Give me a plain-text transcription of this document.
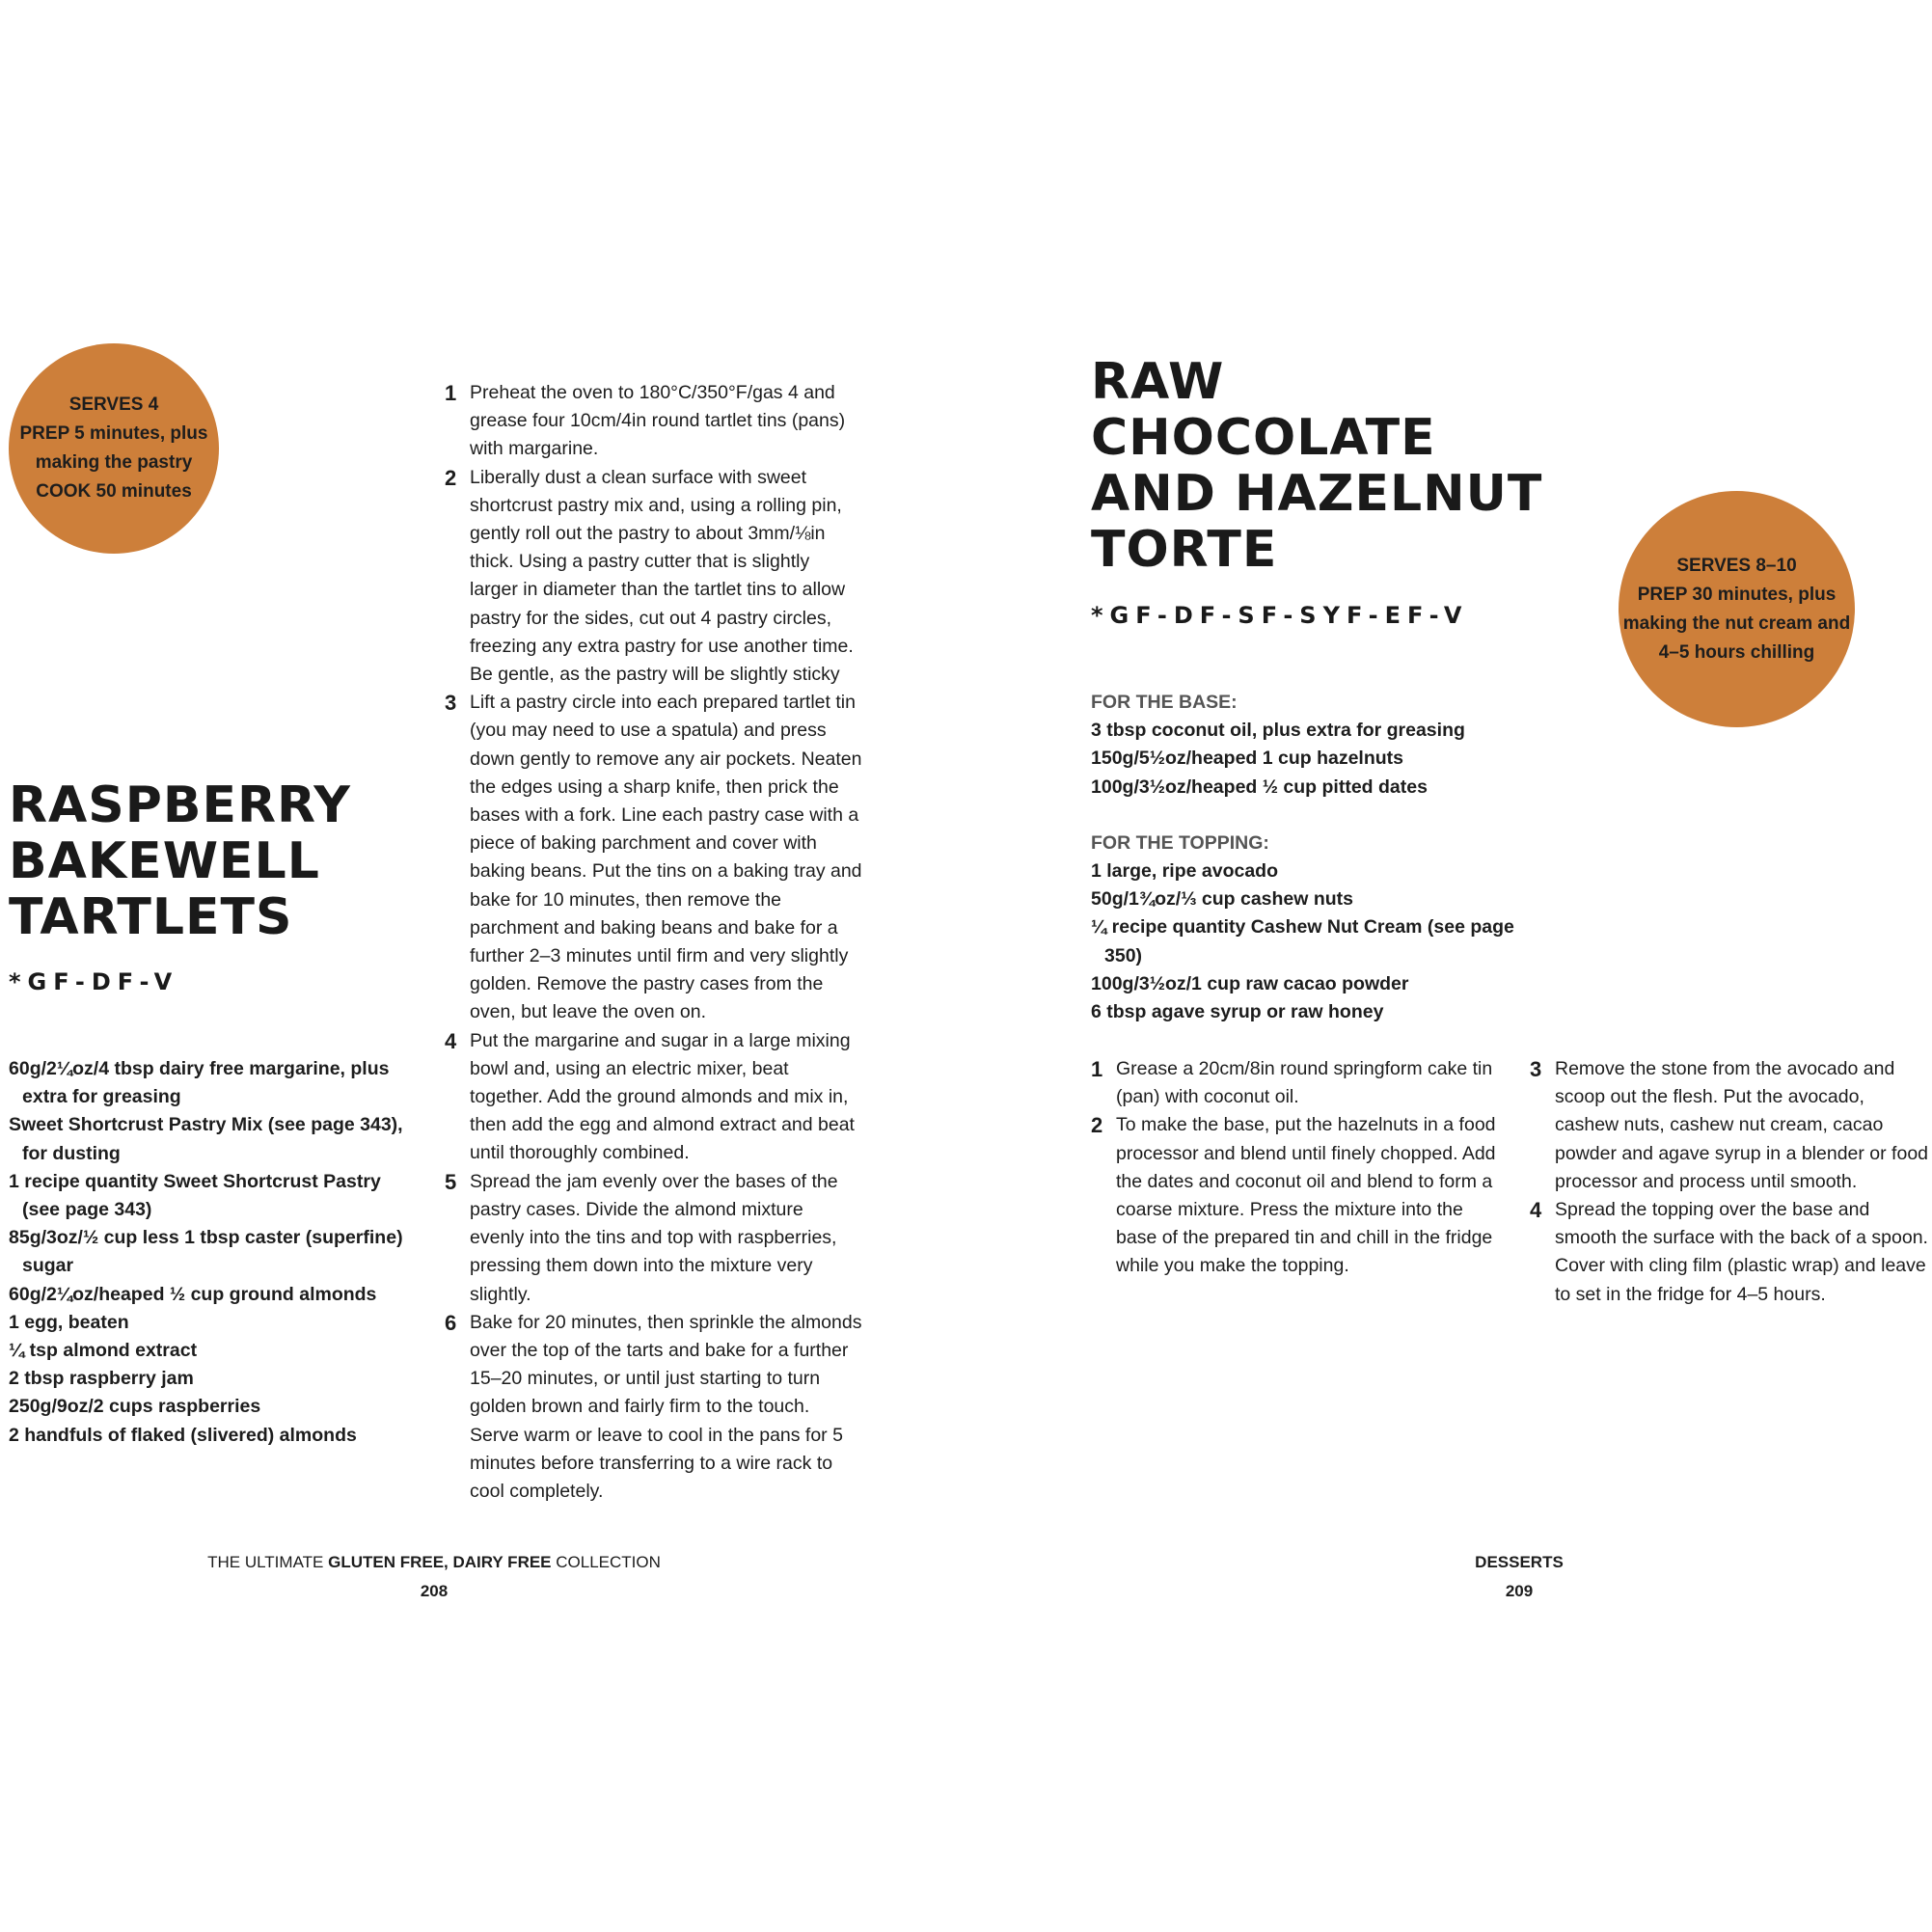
SERVES 4
PREP 5 minutes, plus
making the pastry
COOK 50 minutes
RASPBERRY
BAKEWELL
TARTLETS
*GF-DF-V
60g/2¼oz/4 tbsp dairy free margarine, plus extra for greasing
Sweet Shortcrust Pastry Mix (see page 343), for dusting
1 recipe quantity Sweet Shortcrust Pastry (see page 343)
85g/3oz/½ cup less 1 tbsp caster (superfine) sugar
60g/2¼oz/heaped ½ cup ground almonds
1 egg, beaten
¼ tsp almond extract
2 tbsp raspberry jam
250g/9oz/2 cups raspberries
2 handfuls of flaked (slivered) almonds
1 Preheat the oven to 180°C/350°F/gas 4 and grease four 10cm/4in round tartlet tins (pans) with margarine.
2 Liberally dust a clean surface with sweet shortcrust pastry mix and, using a rolling pin, gently roll out the pastry to about 3mm/⅛in thick. Using a pastry cutter that is slightly larger in diameter than the tartlet tins to allow pastry for the sides, cut out 4 pastry circles, freezing any extra pastry for use another time. Be gentle, as the pastry will be slightly sticky
3 Lift a pastry circle into each prepared tartlet tin (you may need to use a spatula) and press down gently to remove any air pockets. Neaten the edges using a sharp knife, then prick the bases with a fork. Line each pastry case with a piece of baking parchment and cover with baking beans. Put the tins on a baking tray and bake for 10 minutes, then remove the parchment and baking beans and bake for a further 2–3 minutes until firm and very slightly golden. Remove the pastry cases from the oven, but leave the oven on.
4 Put the margarine and sugar in a large mixing bowl and, using an electric mixer, beat together. Add the ground almonds and mix in, then add the egg and almond extract and beat until thoroughly combined.
5 Spread the jam evenly over the bases of the pastry cases. Divide the almond mixture evenly into the tins and top with raspberries, pressing them down into the mixture very slightly.
6 Bake for 20 minutes, then sprinkle the almonds over the top of the tarts and bake for a further 15–20 minutes, or until just starting to turn golden brown and fairly firm to the touch. Serve warm or leave to cool in the pans for 5 minutes before transferring to a wire rack to cool completely.
THE ULTIMATE GLUTEN FREE, DAIRY FREE COLLECTION
208
RAW
CHOCOLATE
AND HAZELNUT
TORTE
*GF-DF-SF-SYF-EF-V
SERVES 8–10
PREP 30 minutes, plus
making the nut cream and
4–5 hours chilling
FOR THE BASE:
3 tbsp coconut oil, plus extra for greasing
150g/5½oz/heaped 1 cup hazelnuts
100g/3½oz/heaped ½ cup pitted dates
FOR THE TOPPING:
1 large, ripe avocado
50g/1¾oz/⅓ cup cashew nuts
¼ recipe quantity Cashew Nut Cream (see page 350)
100g/3½oz/1 cup raw cacao powder
6 tbsp agave syrup or raw honey
1 Grease a 20cm/8in round springform cake tin (pan) with coconut oil.
2 To make the base, put the hazelnuts in a food processor and blend until finely chopped. Add the dates and coconut oil and blend to form a coarse mixture. Press the mixture into the base of the prepared tin and chill in the fridge while you make the topping.
3 Remove the stone from the avocado and scoop out the flesh. Put the avocado, cashew nuts, cashew nut cream, cacao powder and agave syrup in a blender or food processor and process until smooth.
4 Spread the topping over the base and smooth the surface with the back of a spoon. Cover with cling film (plastic wrap) and leave to set in the fridge for 4–5 hours.
DESSERTS
209
